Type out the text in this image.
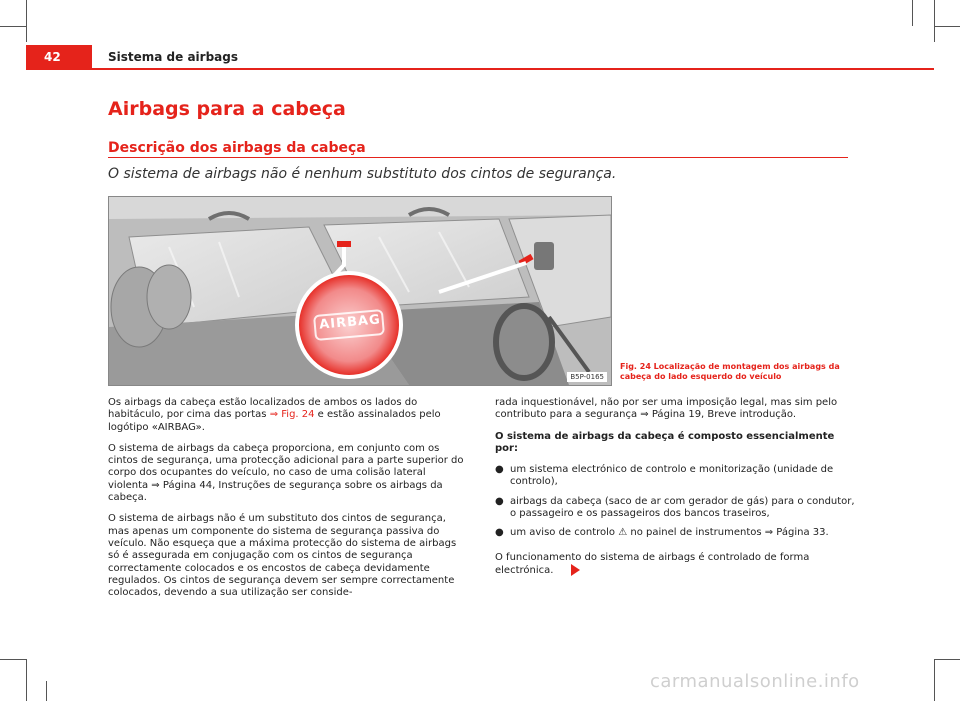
42	Sistema de airbags
Airbags para a cabeça
Descrição dos airbags da cabeça
O sistema de airbags não é nenhum substituto dos cintos de segurança.
AIRBAG
B5P-0165
Fig. 24 Localização de montagem dos airbags da cabeça do lado esquerdo do veículo

Os airbags da cabeça estão localizados de ambos os lados do habitáculo, por cima das portas ⇒ Fig. 24 e estão assinalados pelo logótipo «AIRBAG».

O sistema de airbags da cabeça proporciona, em conjunto com os cintos de segurança, uma protecção adicional para a parte superior do corpo dos ocupantes do veículo, no caso de uma colisão lateral violenta ⇒ Página 44, Instruções de segurança sobre os airbags da cabeça.

O sistema de airbags não é um substituto dos cintos de segurança, mas apenas um componente do sistema de segurança passiva do veículo. Não esqueça que a máxima protecção do sistema de airbags só é assegurada em conjugação com os cintos de segurança correctamente colocados e os encostos de cabeça devidamente regulados. Os cintos de segurança devem ser sempre correctamente colocados, devendo a sua utilização ser conside-

rada inquestionável, não por ser uma imposição legal, mas sim pelo contributo para a segurança ⇒ Página 19, Breve introdução.

O sistema de airbags da cabeça é composto essencialmente por:

● um sistema electrónico de controlo e monitorização (unidade de controlo),
● airbags da cabeça (saco de ar com gerador de gás) para o condutor, o passageiro e os passageiros dos bancos traseiros,
● um aviso de controlo ⚠ no painel de instrumentos ⇒ Página 33.

O funcionamento do sistema de airbags é controlado de forma electrónica.

carmanualsonline.info
